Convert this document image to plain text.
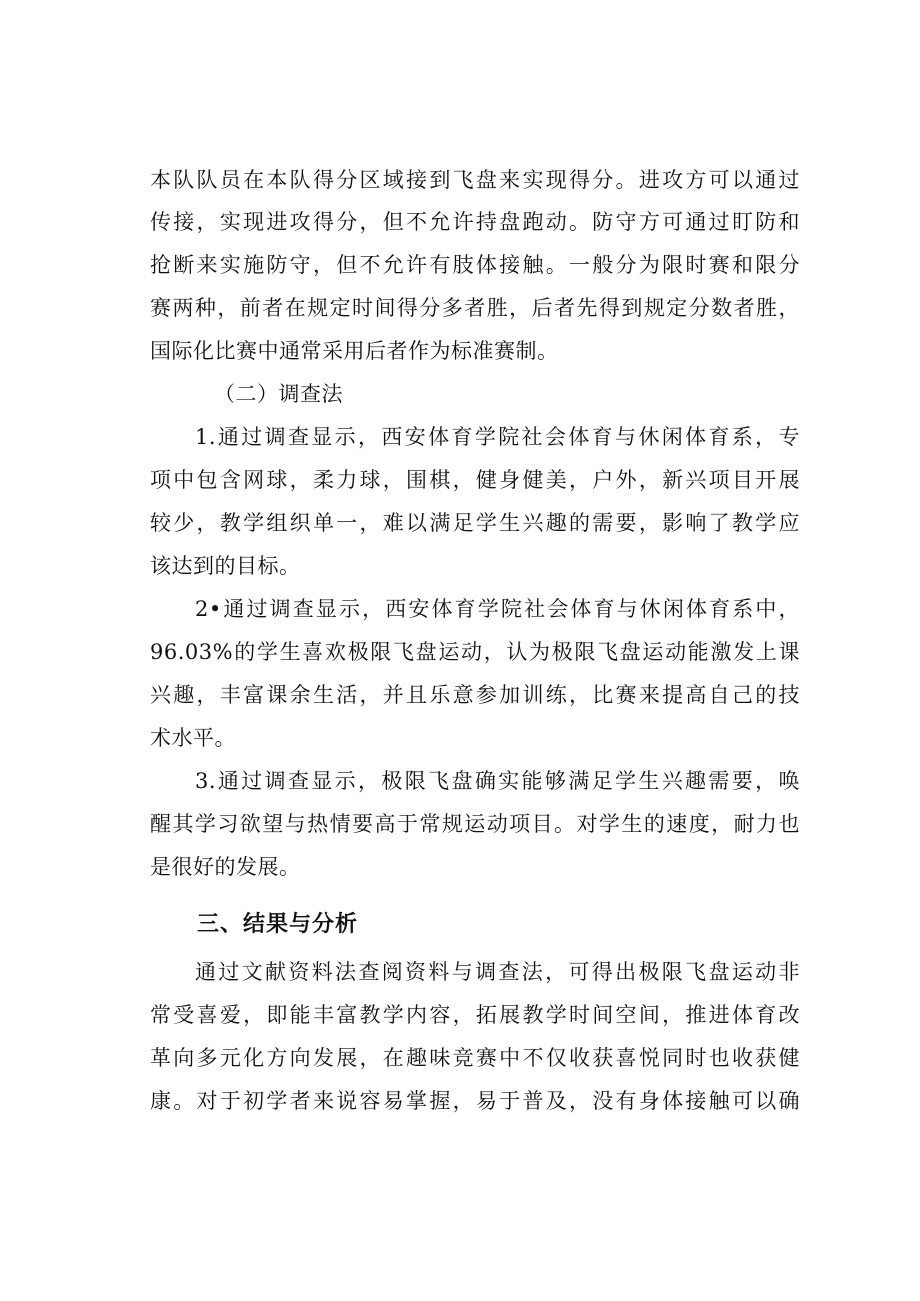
本队队员在本队得分区域接到飞盘来实现得分。进攻方可以通过
传接，实现进攻得分，但不允许持盘跑动。防守方可通过盯防和
抢断来实施防守，但不允许有肢体接触。一般分为限时赛和限分
赛两种，前者在规定时间得分多者胜，后者先得到规定分数者胜，
国际化比赛中通常采用后者作为标准赛制。
（二）调查法
1.通过调查显示，西安体育学院社会体育与休闲体育系，专
项中包含网球，柔力球，围棋，健身健美，户外，新兴项目开展
较少，教学组织单一，难以满足学生兴趣的需要，影响了教学应
该达到的目标。
2•通过调查显示，西安体育学院社会体育与休闲体育系中，
96.03%的学生喜欢极限飞盘运动，认为极限飞盘运动能激发上课
兴趣，丰富课余生活，并且乐意参加训练，比赛来提高自己的技
术水平。
3.通过调查显示，极限飞盘确实能够满足学生兴趣需要，唤
醒其学习欲望与热情要高于常规运动项目。对学生的速度，耐力也
是很好的发展。
三、结果与分析
通过文献资料法查阅资料与调查法，可得出极限飞盘运动非
常受喜爱，即能丰富教学内容，拓展教学时间空间，推进体育改
革向多元化方向发展，在趣味竞赛中不仅收获喜悦同时也收获健
康。对于初学者来说容易掌握，易于普及，没有身体接触可以确
